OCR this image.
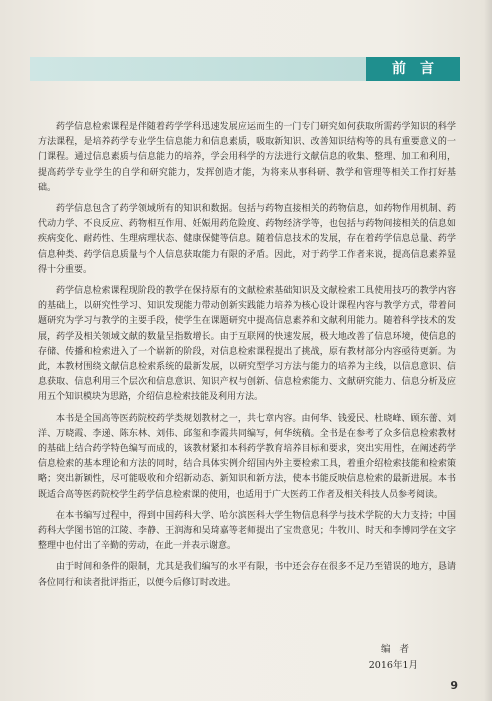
前言

药学信息检索课程是伴随着药学学科迅速发展应运而生的一门专门研究如何获取所需药学知识的科学方法课程，是培养药学专业学生信息能力和信息素质，吸取新知识、改善知识结构等的具有重要意义的一门课程。通过信息素质与信息能力的培养，学会用科学的方法进行文献信息的收集、整理、加工和利用，提高药学专业学生的自学和研究能力，发挥创造才能，为将来从事科研、教学和管理等相关工作打好基础。

药学信息包含了药学领域所有的知识和数据。包括与药物直接相关的药物信息，如药物作用机制、药代动力学、不良反应、药物相互作用、妊娠用药危险度、药物经济学等，也包括与药物间接相关的信息如疾病变化、耐药性、生理病理状态、健康保健等信息。随着信息技术的发展，存在着药学信息总量、药学信息种类、药学信息质量与个人信息获取能力有限的矛盾。因此，对于药学工作者来说，提高信息素养显得十分重要。

药学信息检索课程现阶段的教学在保持原有的文献检索基础知识及文献检索工具使用技巧的教学内容的基础上，以研究性学习、知识发现能力带动创新实践能力培养为核心设计课程内容与教学方式，带着问题研究为学习与教学的主要手段，使学生在课题研究中提高信息素养和文献利用能力。随着科学技术的发展，药学及相关领域文献的数量呈指数增长。由于互联网的快速发展，极大地改善了信息环境，使信息的存储、传播和检索进入了一个崭新的阶段，对信息检索课程提出了挑战，原有教材部分内容亟待更新。为此，本教材围绕文献信息检索系统的最新发展，以研究型学习方法与能力的培养为主线，以信息意识、信息获取、信息利用三个层次和信息意识、知识产权与创新、信息检索能力、文献研究能力、信息分析及应用五个知识模块为思路，介绍信息检索技能及利用方法。

本书是全国高等医药院校药学类规划教材之一，共七章内容。由何华、钱爱民、杜晓峰、顾东蕾、刘洋、万晓霞、李递、陈东林、刘伟、邱玺和李霞共同编写，何华统稿。全书是在参考了众多信息检索教材的基础上结合药学特色编写而成的，该教材紧扣本科药学教育培养目标和要求，突出实用性，在阐述药学信息检索的基本理论和方法的同时，结合具体实例介绍国内外主要检索工具，着重介绍检索技能和检索策略；突出新颖性，尽可能吸收和介绍新动态、新知识和新方法，使本书能反映信息检索的最新进展。本书既适合高等医药院校学生药学信息检索课的使用，也适用于广大医药工作者及相关科技人员参考阅读。

在本书编写过程中，得到中国药科大学、哈尔滨医科大学生物信息科学与技术学院的大力支持；中国药科大学图书馆的江陵、李静、王润海和吴琦嘉等老师提出了宝贵意见；牛牧川、时天和李博同学在文字整理中也付出了辛勤的劳动，在此一并表示谢意。

由于时间和条件的限制，尤其是我们编写的水平有限，书中还会存在很多不足乃至错误的地方，恳请各位同行和读者批评指正，以便今后修订时改进。

编者
2016年1月
9
